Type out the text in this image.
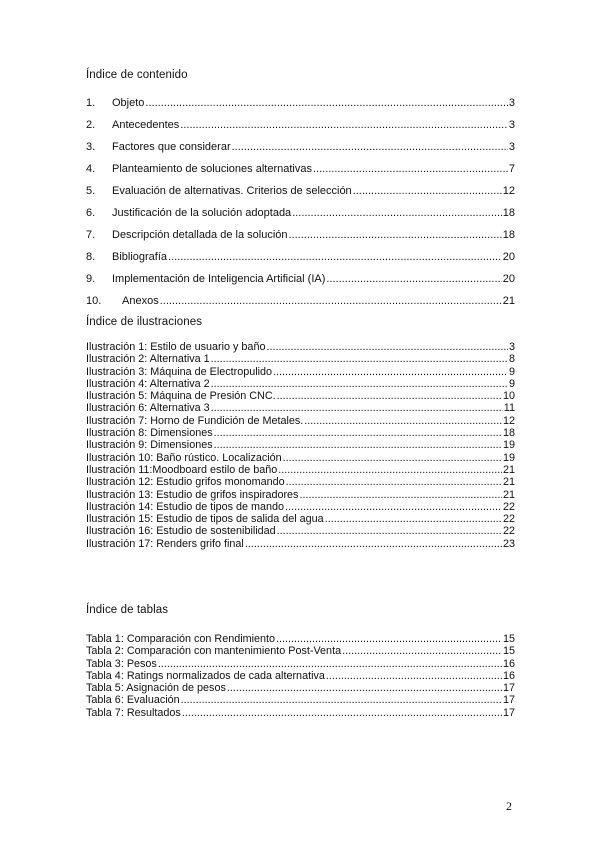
Índice de contenido
1.	Objeto .....	3
2.	Antecedentes .....	3
3.	Factores que considerar .....	3
4.	Planteamiento de soluciones alternativas .....	7
5.	Evaluación de alternativas. Criterios de selección .....	12
6.	Justificación de la solución adoptada .....	18
7.	Descripción detallada de la solución .....	18
8.	Bibliografía .....	20
9.	Implementación de Inteligencia Artificial (IA) .....	20
10.	Anexos .....	21
Índice de ilustraciones
Ilustración 1: Estilo de usuario y baño .....	3
Ilustración 2: Alternativa 1 .....	8
Ilustración 3: Máquina de Electropulido .....	9
Ilustración 4: Alternativa 2 .....	9
Ilustración 5: Máquina de Presión CNC. .....	10
Ilustración 6: Alternativa 3 .....	11
Ilustración 7: Horno de Fundición de Metales. .....	12
Ilustración 8: Dimensiones .....	18
Ilustración 9: Dimensiones .....	19
Ilustración 10: Baño rústico. Localización .....	19
Ilustración 11:Moodboard estilo de baño .....	21
Ilustración 12: Estudio grifos monomando .....	21
Ilustración 13: Estudio de grifos inspiradores .....	21
Ilustración 14: Estudio de tipos de mando .....	22
Ilustración 15: Estudio de tipos de salida del agua .....	22
Ilustración 16: Estudio de sostenibilidad .....	22
Ilustración 17: Renders grifo final .....	23
Índice de tablas
Tabla 1: Comparación con Rendimiento .....	15
Tabla 2: Comparación con mantenimiento Post-Venta .....	15
Tabla 3: Pesos .....	16
Tabla 4: Ratings normalizados de cada alternativa .....	16
Tabla 5: Asignación de pesos .....	17
Tabla 6: Evaluación .....	17
Tabla 7: Resultados .....	17
2
